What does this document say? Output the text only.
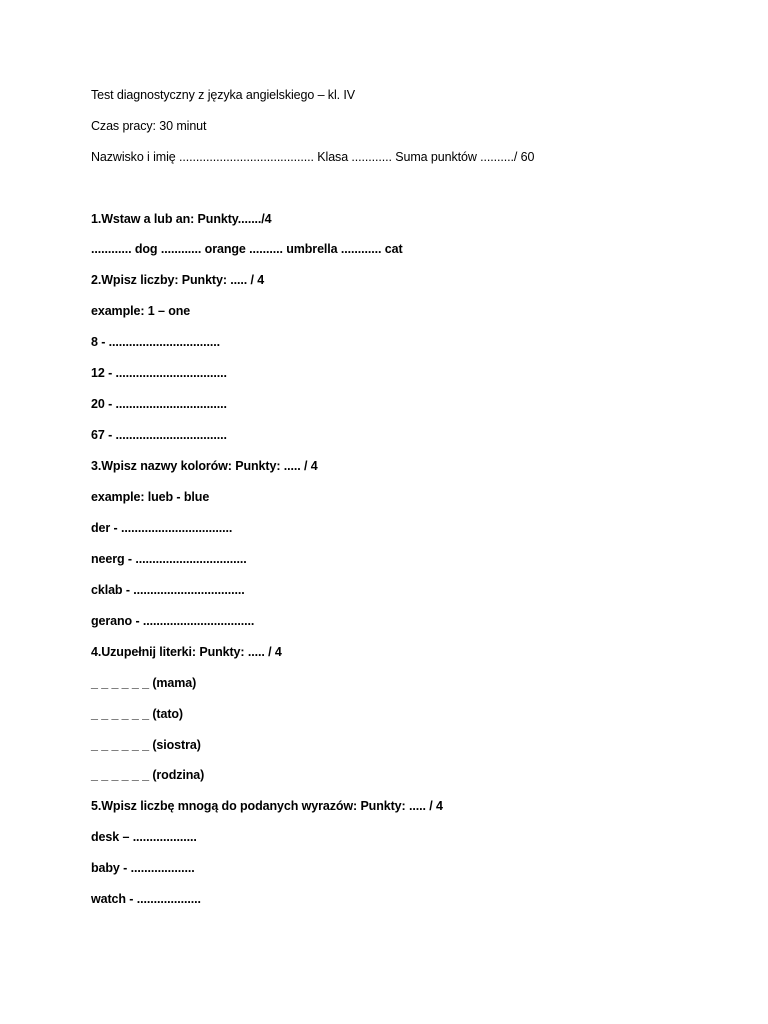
Test diagnostyczny z języka angielskiego – kl. IV

Czas pracy: 30 minut

Nazwisko i imię ........................................ Klasa ............ Suma punktów ........../ 60

1.Wstaw a lub an: Punkty......./4

............ dog ............ orange .......... umbrella ............ cat

2.Wpisz liczby: Punkty: ..... / 4

example: 1 – one

8 - .................................

12 - .................................

20 - .................................

67 - .................................

3.Wpisz nazwy kolorów: Punkty: ..... / 4

example: lueb - blue

der - .................................

neerg - .................................

cklab - .................................

gerano - .................................

4.Uzupełnij literki: Punkty: ..... / 4

_ _ _ _ _ _ (mama)

_ _ _ _ _ _ (tato)

_ _ _ _ _ _ (siostra)

_ _ _ _ _ _ (rodzina)

5.Wpisz liczbę mnogą do podanych wyrazów: Punkty: ..... / 4

desk – ...................

baby - ...................

watch - ...................
